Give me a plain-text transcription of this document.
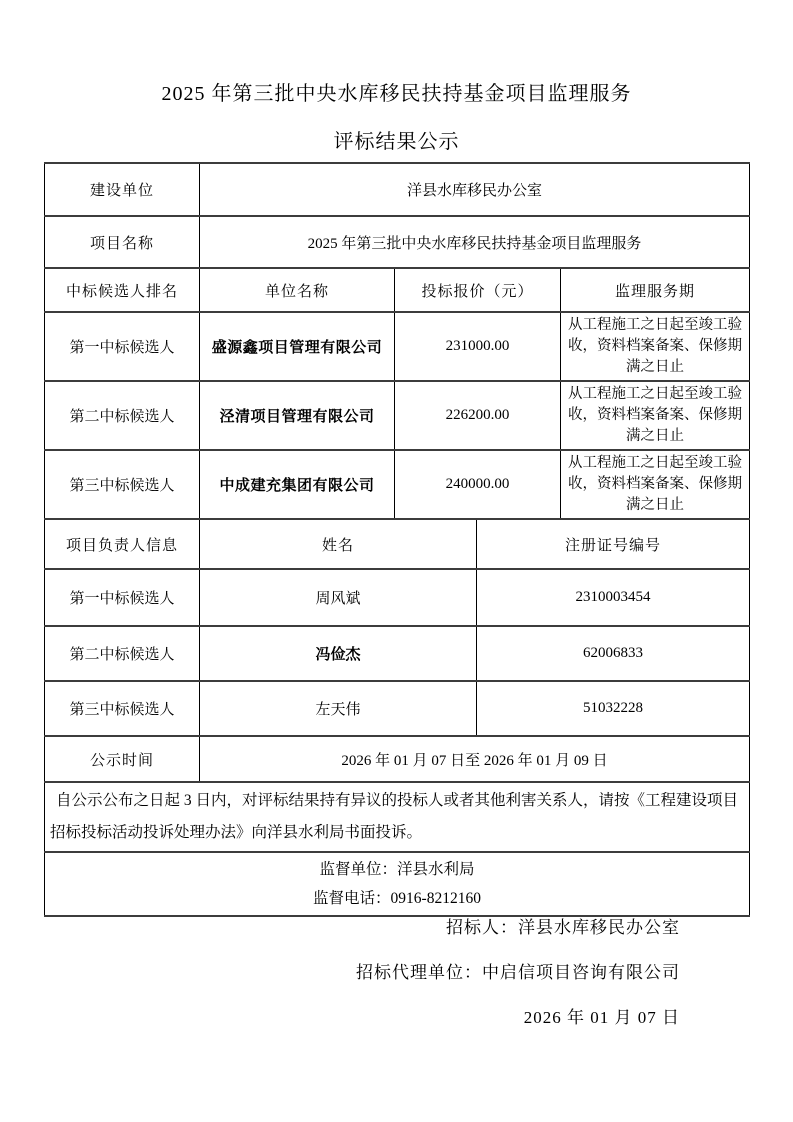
2025 年第三批中央水库移民扶持基金项目监理服务
评标结果公示
建设单位	洋县水库移民办公室			
项目名称	2025 年第三批中央水库移民扶持基金项目监理服务			
中标候选人排名	单位名称	投标报价（元）		监理服务期
第一中标候选人	盛源鑫项目管理有限公司	231000.00		从工程施工之日起至竣工验收，资料档案备案、保修期满之日止
第二中标候选人	泾清项目管理有限公司	226200.00		从工程施工之日起至竣工验收，资料档案备案、保修期满之日止
第三中标候选人	中成建充集团有限公司	240000.00		从工程施工之日起至竣工验收，资料档案备案、保修期满之日止
项目负责人信息	姓名		注册证号编号	
第一中标候选人	周风斌		2310003454	
第二中标候选人	冯俭杰		62006833	
第三中标候选人	左天伟		51032228	
公示时间	2026 年 01 月 07 日至 2026 年 01 月 09 日			
自公示公布之日起 3 日内，对评标结果持有异议的投标人或者其他利害关系人，请按《工程建设项目招标投标活动投诉处理办法》向洋县水利局书面投诉。				

监督单位：洋县水利局
监督电话：0916-8212160				
招标人：洋县水库移民办公室
招标代理单位：中启信项目咨询有限公司
2026 年 01 月 07 日
